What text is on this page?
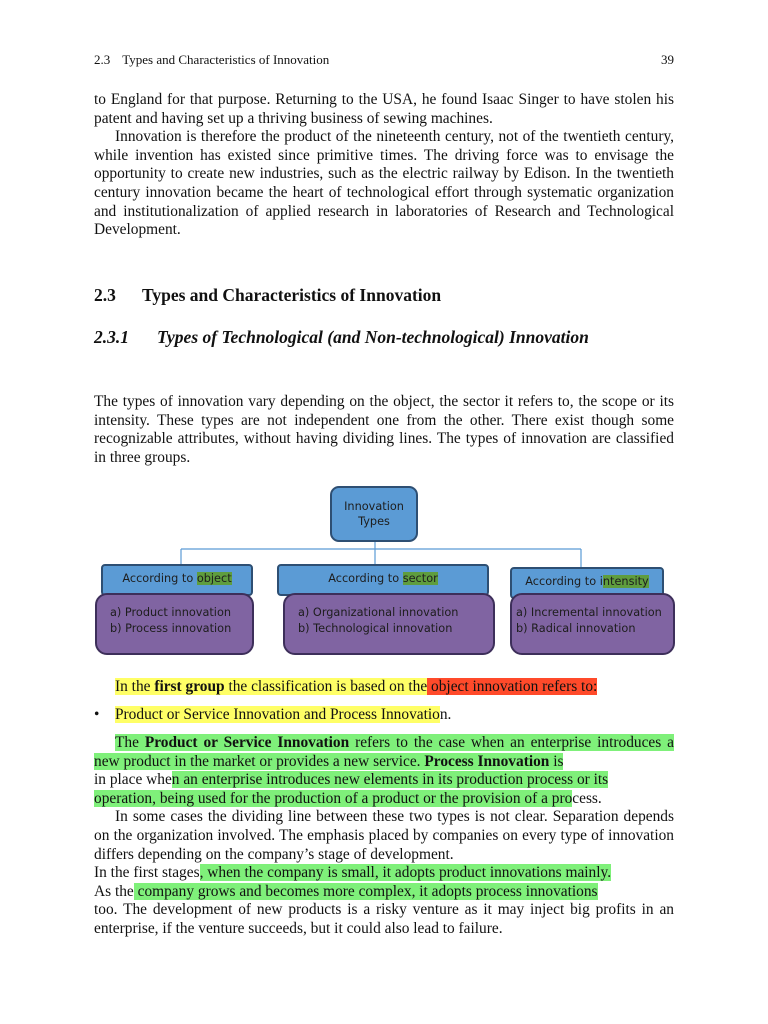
2.3 Types and Characteristics of Innovation	39

to England for that purpose. Returning to the USA, he found Isaac Singer to have stolen his patent and having set up a thriving business of sewing machines.

Innovation is therefore the product of the nineteenth century, not of the twentieth century, while invention has existed since primitive times. The driving force was to envisage the opportunity to create new industries, such as the electric railway by Edison. In the twentieth century innovation became the heart of technological effort through systematic organization and institutionalization of applied research in laboratories of Research and Technological Development.

2.3 Types and Characteristics of Innovation
2.3.1 Types of Technological (and Non-technological) Innovation

The types of innovation vary depending on the object, the sector it refers to, the scope or its intensity. These types are not independent one from the other. There exist though some recognizable attributes, without having dividing lines. The types of innovation are classified in three groups.

Innovation
Types
According to object	According to sector	According to intensity
a) Product innovation
b) Process innovation
a) Organizational innovation
b) Technological innovation
a) Incremental innovation
b) Radical innovation

In the first group the classification is based on the object innovation refers to:

• Product or Service Innovation and Process Innovation.

The Product or Service Innovation refers to the case when an enterprise introduces a new product in the market or provides a new service. Process Innovation is

in place when an enterprise introduces new elements in its production process or its

operation, being used for the production of a product or the provision of a process.

In some cases the dividing line between these two types is not clear. Separation depends on the organization involved. The emphasis placed by companies on every type of innovation differs depending on the company’s stage of development.

In the first stages, when the company is small, it adopts product innovations mainly.

As the company grows and becomes more complex, it adopts process innovations

too. The development of new products is a risky venture as it may inject big profits in an enterprise, if the venture succeeds, but it could also lead to failure.
